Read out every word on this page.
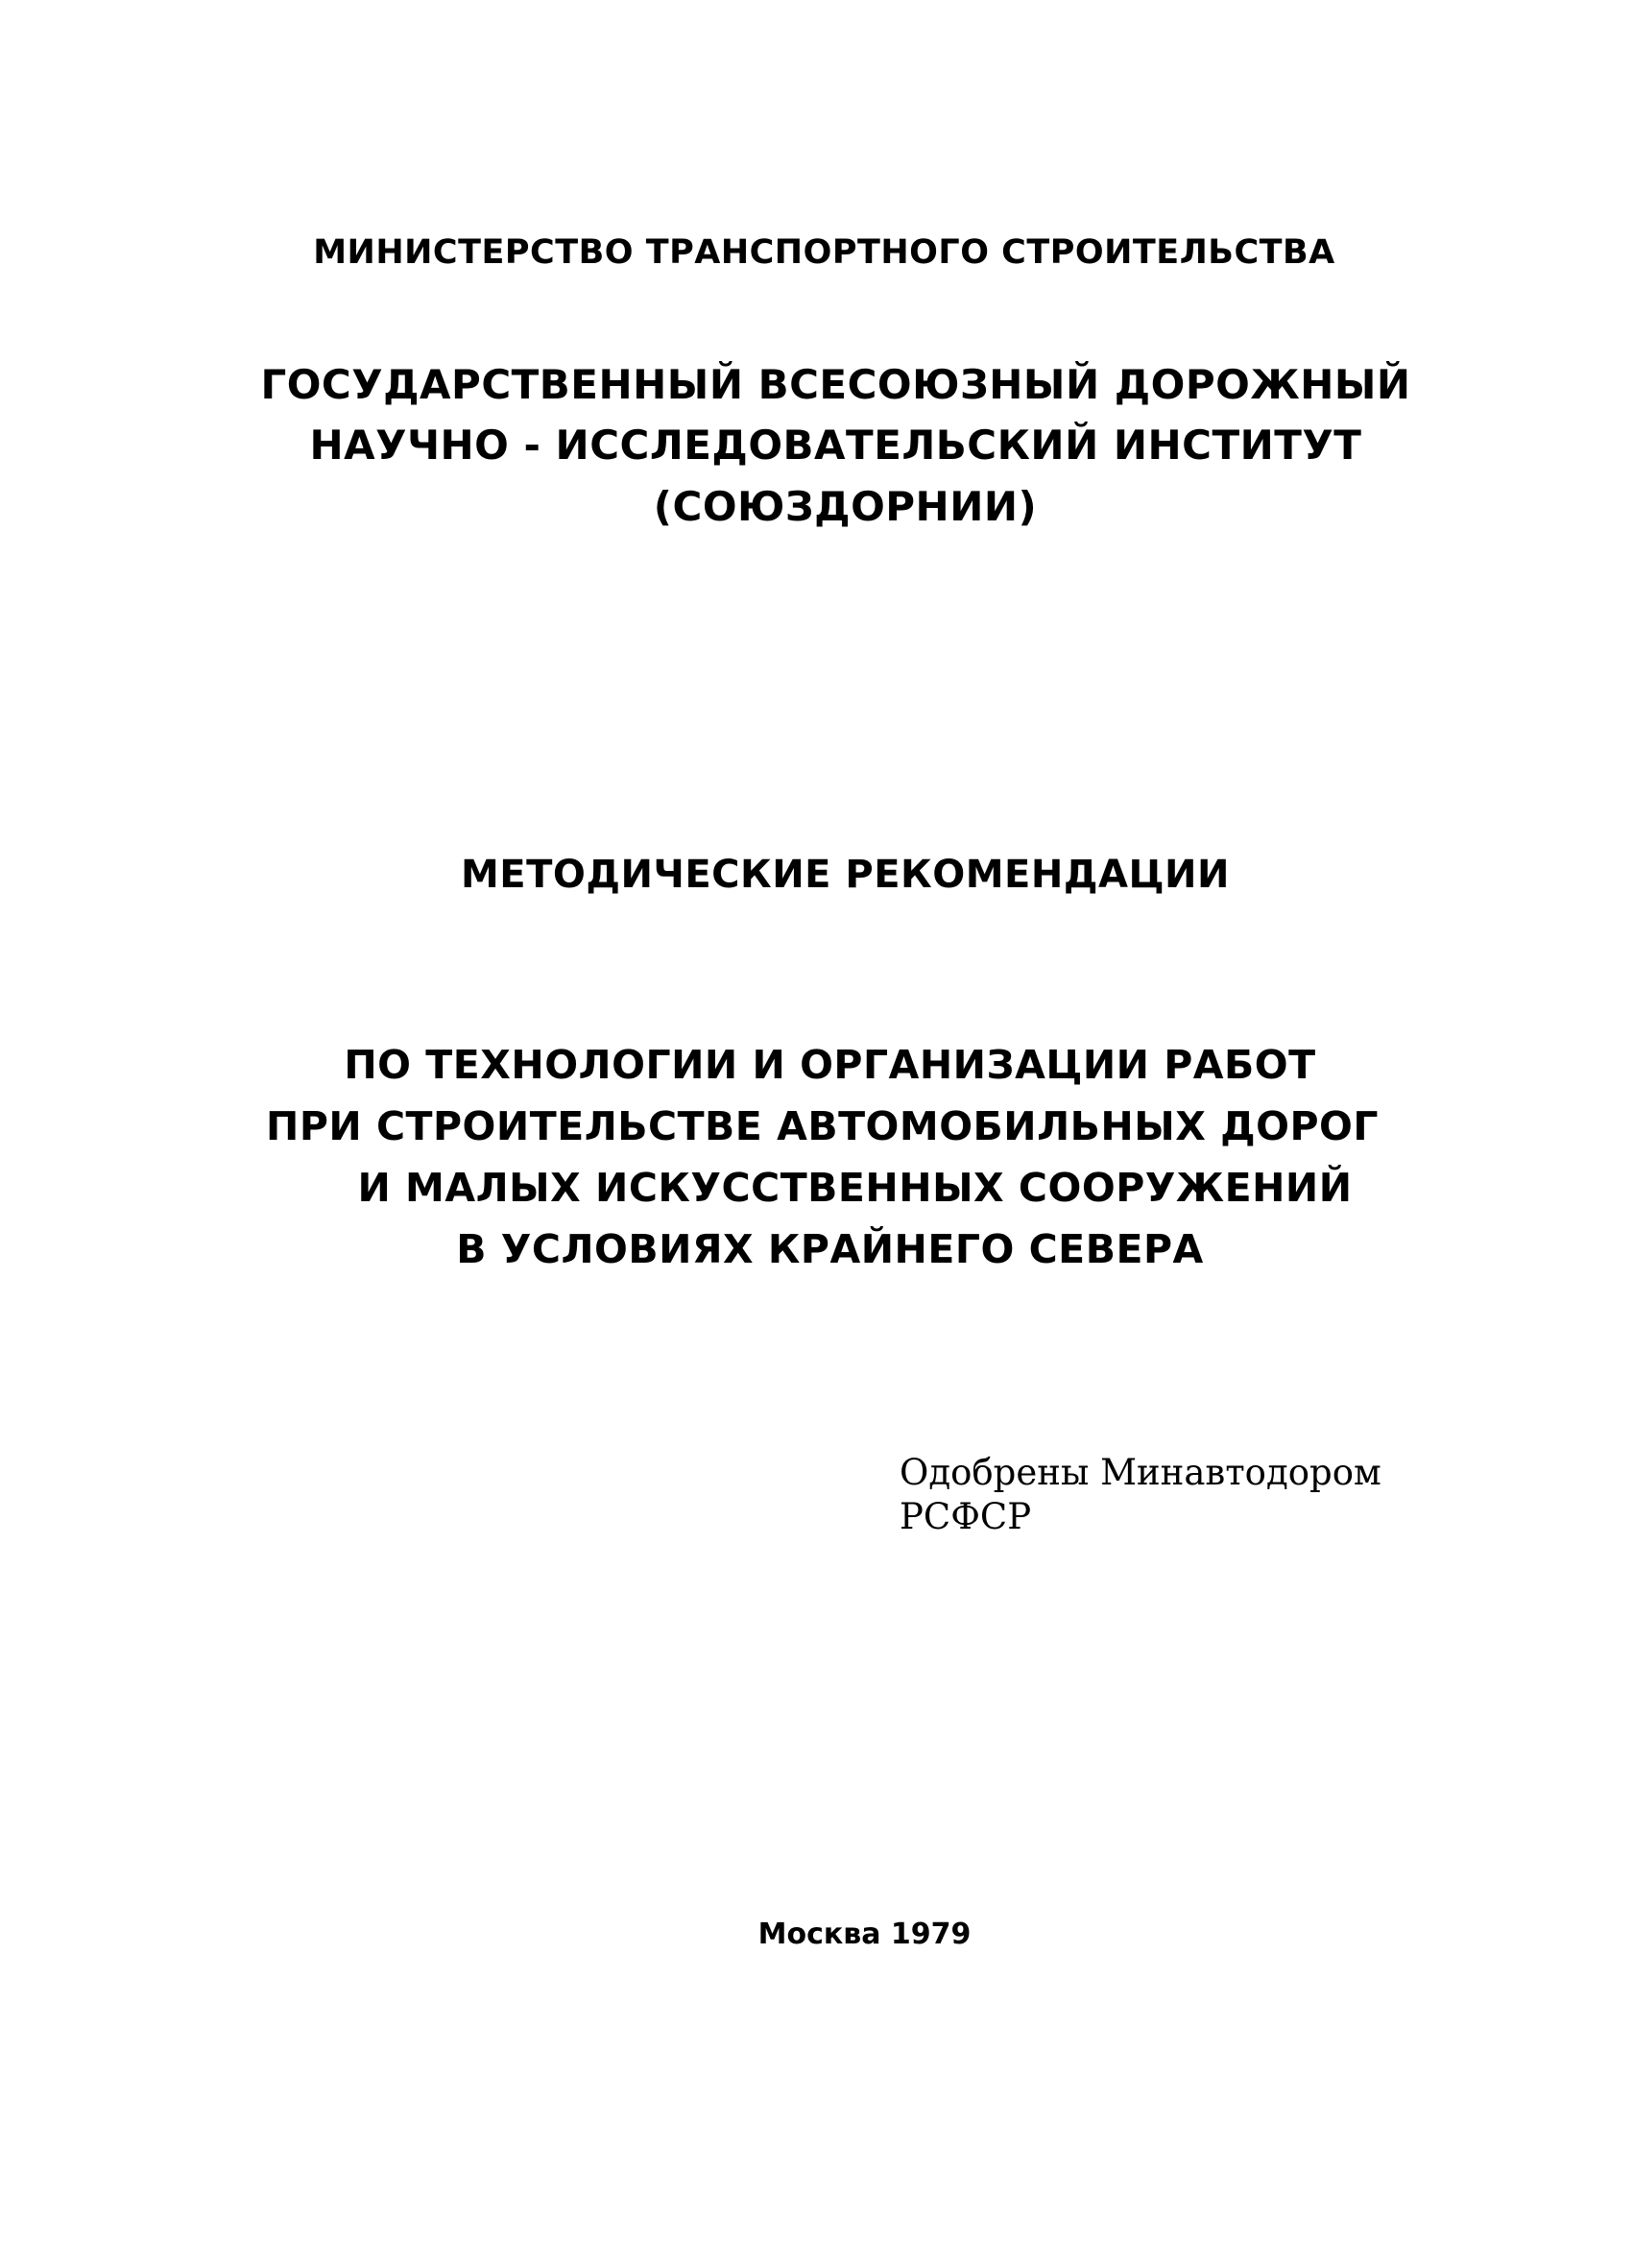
МИНИСТЕРСТВО ТРАНСПОРТНОГО СТРОИТЕЛЬСТВА
ГОСУДАРСТВЕННЫЙ ВСЕСОЮЗНЫЙ ДОРОЖНЫЙ
НАУЧНО - ИССЛЕДОВАТЕЛЬСКИЙ ИНСТИТУТ
(СОЮЗДОРНИИ)
МЕТОДИЧЕСКИЕ РЕКОМЕНДАЦИИ
ПО ТЕХНОЛОГИИ И ОРГАНИЗАЦИИ РАБОТ
ПРИ СТРОИТЕЛЬСТВЕ АВТОМОБИЛЬНЫХ ДОРОГ
И МАЛЫХ ИСКУССТВЕННЫХ СООРУЖЕНИЙ
В УСЛОВИЯХ КРАЙНЕГО СЕВЕРА
Одобрены Минавтодором
РСФСР
Москва 1979
